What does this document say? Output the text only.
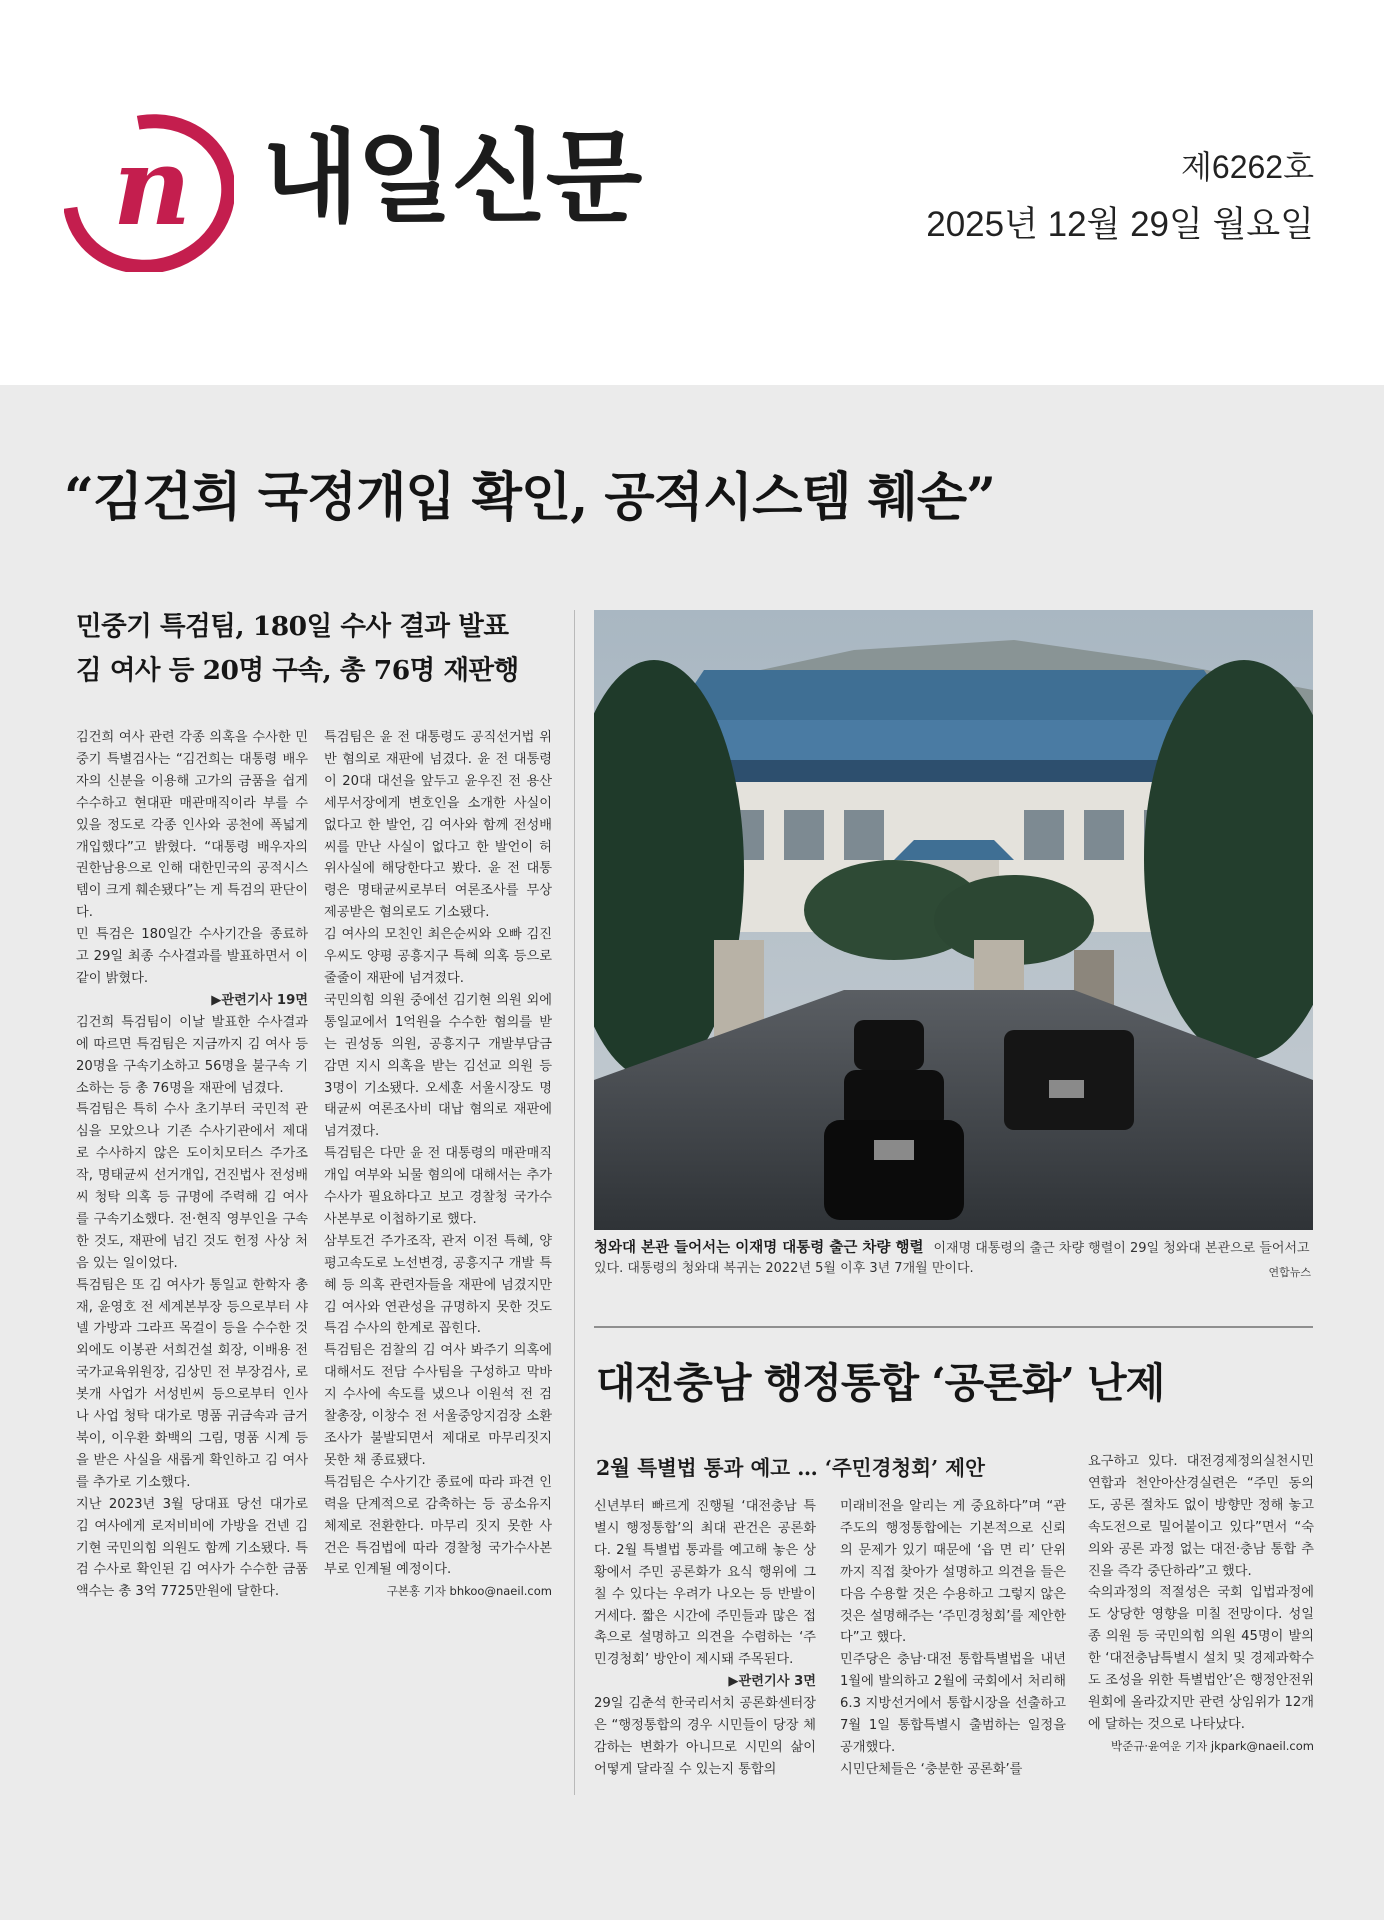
n 내일신문	제6262호
2025년 12월 29일 월요일
“김건희 국정개입 확인, 공적시스템 훼손”
민중기 특검팀, 180일 수사 결과 발표
김 여사 등 20명 구속, 총 76명 재판행
김건희 여사 관련 각종 의혹을 수사한 민중기 특별검사는 “김건희는 대통령 배우자의 신분을 이용해 고가의 금품을 쉽게 수수하고 현대판 매관매직이라 부를 수 있을 정도로 각종 인사와 공천에 폭넓게 개입했다”고 밝혔다. “대통령 배우자의 권한남용으로 인해 대한민국의 공적시스템이 크게 훼손됐다”는 게 특검의 판단이다.
민 특검은 180일간 수사기간을 종료하고 29일 최종 수사결과를 발표하면서 이같이 밝혔다.

▶관련기사 19면
김건희 특검팀이 이날 발표한 수사결과에 따르면 특검팀은 지금까지 김 여사 등 20명을 구속기소하고 56명을 불구속 기소하는 등 총 76명을 재판에 넘겼다.
특검팀은 특히 수사 초기부터 국민적 관심을 모았으나 기존 수사기관에서 제대로 수사하지 않은 도이치모터스 주가조작, 명태균씨 선거개입, 건진법사 전성배씨 청탁 의혹 등 규명에 주력해 김 여사를 구속기소했다. 전·현직 영부인을 구속한 것도, 재판에 넘긴 것도 헌정 사상 처음 있는 일이었다.
특검팀은 또 김 여사가 통일교 한학자 총재, 윤영호 전 세계본부장 등으로부터 샤넬 가방과 그라프 목걸이 등을 수수한 것 외에도 이봉관 서희건설 회장, 이배용 전 국가교육위원장, 김상민 전 부장검사, 로봇개 사업가 서성빈씨 등으로부터 인사나 사업 청탁 대가로 명품 귀금속과 금거북이, 이우환 화백의 그림, 명품 시계 등을 받은 사실을 새롭게 확인하고 김 여사를 추가로 기소했다.
지난 2023년 3월 당대표 당선 대가로 김 여사에게 로저비비에 가방을 건넨 김기현 국민의힘 의원도 함께 기소됐다. 특검 수사로 확인된 김 여사가 수수한 금품 액수는 총 3억 7725만원에 달한다.
특검팀은 윤 전 대통령도 공직선거법 위반 혐의로 재판에 넘겼다. 윤 전 대통령이 20대 대선을 앞두고 윤우진 전 용산세무서장에게 변호인을 소개한 사실이 없다고 한 발언, 김 여사와 함께 전성배씨를 만난 사실이 없다고 한 발언이 허위사실에 해당한다고 봤다. 윤 전 대통령은 명태균씨로부터 여론조사를 무상 제공받은 혐의로도 기소됐다.
김 여사의 모친인 최은순씨와 오빠 김진우씨도 양평 공흥지구 특혜 의혹 등으로 줄줄이 재판에 넘겨졌다.
국민의힘 의원 중에선 김기현 의원 외에 통일교에서 1억원을 수수한 혐의를 받는 권성동 의원, 공흥지구 개발부담금 감면 지시 의혹을 받는 김선교 의원 등 3명이 기소됐다. 오세훈 서울시장도 명태균씨 여론조사비 대납 혐의로 재판에 넘겨졌다.
특검팀은 다만 윤 전 대통령의 매관매직 개입 여부와 뇌물 혐의에 대해서는 추가 수사가 필요하다고 보고 경찰청 국가수사본부로 이첩하기로 했다.
삼부토건 주가조작, 관저 이전 특혜, 양평고속도로 노선변경, 공흥지구 개발 특혜 등 의혹 관련자들을 재판에 넘겼지만 김 여사와 연관성을 규명하지 못한 것도 특검 수사의 한계로 꼽힌다.
특검팀은 검찰의 김 여사 봐주기 의혹에 대해서도 전담 수사팀을 구성하고 막바지 수사에 속도를 냈으나 이원석 전 검찰총장, 이창수 전 서울중앙지검장 소환조사가 불발되면서 제대로 마무리짓지 못한 채 종료됐다.
특검팀은 수사기간 종료에 따라 파견 인력을 단계적으로 감축하는 등 공소유지 체제로 전환한다. 마무리 짓지 못한 사건은 특검법에 따라 경찰청 국가수사본부로 인계될 예정이다.

구본홍 기자 bhkoo@naeil.com
청와대 본관 들어서는 이재명 대통령 출근 차량 행렬 이재명 대통령의 출근 차량 행렬이 29일 청와대 본관으로 들어서고 있다. 대통령의 청와대 복귀는 2022년 5월 이후 3년 7개월 만이다.	연합뉴스
대전충남 행정통합 ‘공론화’ 난제
2월 특별법 통과 예고 … ‘주민경청회’ 제안
신년부터 빠르게 진행될 ‘대전충남 특별시 행정통합’의 최대 관건은 공론화다. 2월 특별법 통과를 예고해 놓은 상황에서 주민 공론화가 요식 행위에 그칠 수 있다는 우려가 나오는 등 반발이 거세다. 짧은 시간에 주민들과 많은 접촉으로 설명하고 의견을 수렴하는 ‘주민경청회’ 방안이 제시돼 주목된다.

▶관련기사 3면
29일 김춘석 한국리서치 공론화센터장은 “행정통합의 경우 시민들이 당장 체감하는 변화가 아니므로 시민의 삶이 어떻게 달라질 수 있는지 통합의
미래비전을 알리는 게 중요하다”며 “관 주도의 행정통합에는 기본적으로 신뢰의 문제가 있기 때문에 ‘읍 면 리’ 단위까지 직접 찾아가 설명하고 의견을 들은 다음 수용할 것은 수용하고 그렇지 않은 것은 설명해주는 ‘주민경청회’를 제안한다”고 했다.
민주당은 충남·대전 통합특별법을 내년 1월에 발의하고 2월에 국회에서 처리해 6.3 지방선거에서 통합시장을 선출하고 7월 1일 통합특별시 출범하는 일정을 공개했다.
시민단체들은 ‘충분한 공론화’를
요구하고 있다. 대전경제정의실천시민연합과 천안아산경실련은 “주민 동의도, 공론 절차도 없이 방향만 정해 놓고 속도전으로 밀어붙이고 있다”면서 “숙의와 공론 과정 없는 대전·충남 통합 추진을 즉각 중단하라”고 했다.
숙의과정의 적절성은 국회 입법과정에도 상당한 영향을 미칠 전망이다. 성일종 의원 등 국민의힘 의원 45명이 발의한 ‘대전충남특별시 설치 및 경제과학수도 조성을 위한 특별법안’은 행정안전위원회에 올라갔지만 관련 상임위가 12개에 달하는 것으로 나타났다.

박준규·윤여운 기자 jkpark@naeil.com
